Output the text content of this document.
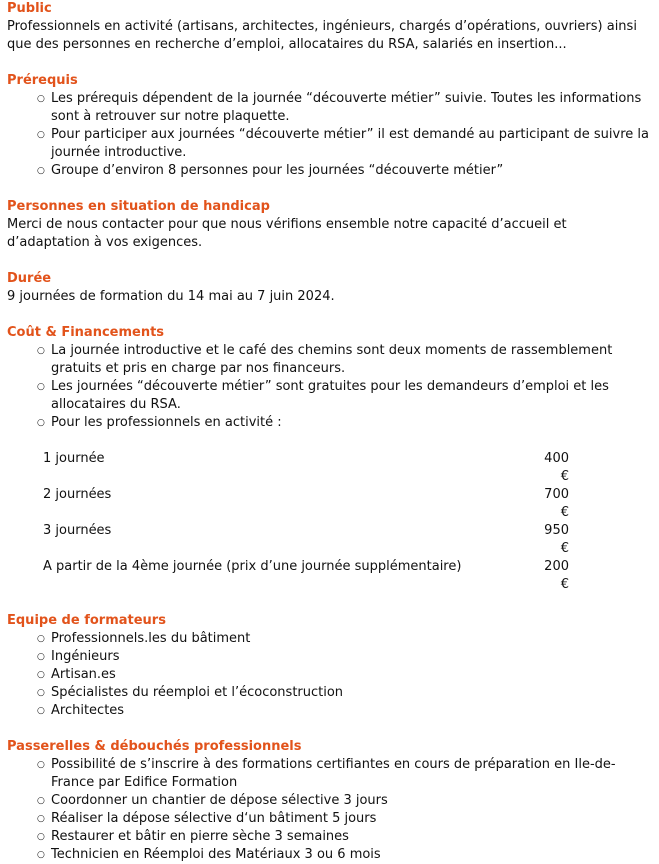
Public

Professionnels en activité (artisans, architectes, ingénieurs, chargés d’opérations, ouvriers) ainsi que des personnes en recherche d’emploi, allocataires du RSA, salariés en insertion...

Prérequis

○ Les prérequis dépendent de la journée “découverte métier” suivie. Toutes les informations sont à retrouver sur notre plaquette.
○ Pour participer aux journées “découverte métier” il est demandé au participant de suivre la journée introductive.
○ Groupe d’environ 8 personnes pour les journées “découverte métier”

Personnes en situation de handicap

Merci de nous contacter pour que nous vérifions ensemble notre capacité d’accueil et d’adaptation à vos exigences.

Durée

9 journées de formation du 14 mai au 7 juin 2024.

Coût & Financements

○ La journée introductive et le café des chemins sont deux moments de rassemblement gratuits et pris en charge par nos financeurs.
○ Les journées “découverte métier” sont gratuites pour les demandeurs d’emploi et les allocataires du RSA.
○ Pour les professionnels en activité :
1 journée	400 €
2 journées	700 €
3 journées	950 €
A partir de la 4ème journée (prix d’une journée supplémentaire)	200 €

Equipe de formateurs

○ Professionnels.les du bâtiment
○ Ingénieurs
○ Artisan.es
○ Spécialistes du réemploi et l’écoconstruction
○ Architectes

Passerelles & débouchés professionnels

○ Possibilité de s’inscrire à des formations certifiantes en cours de préparation en Ile-de-France par Edifice Formation
○ Coordonner un chantier de dépose sélective 3 jours
○ Réaliser la dépose sélective d‘un bâtiment 5 jours
○ Restaurer et bâtir en pierre sèche 3 semaines
○ Technicien en Réemploi des Matériaux 3 ou 6 mois
